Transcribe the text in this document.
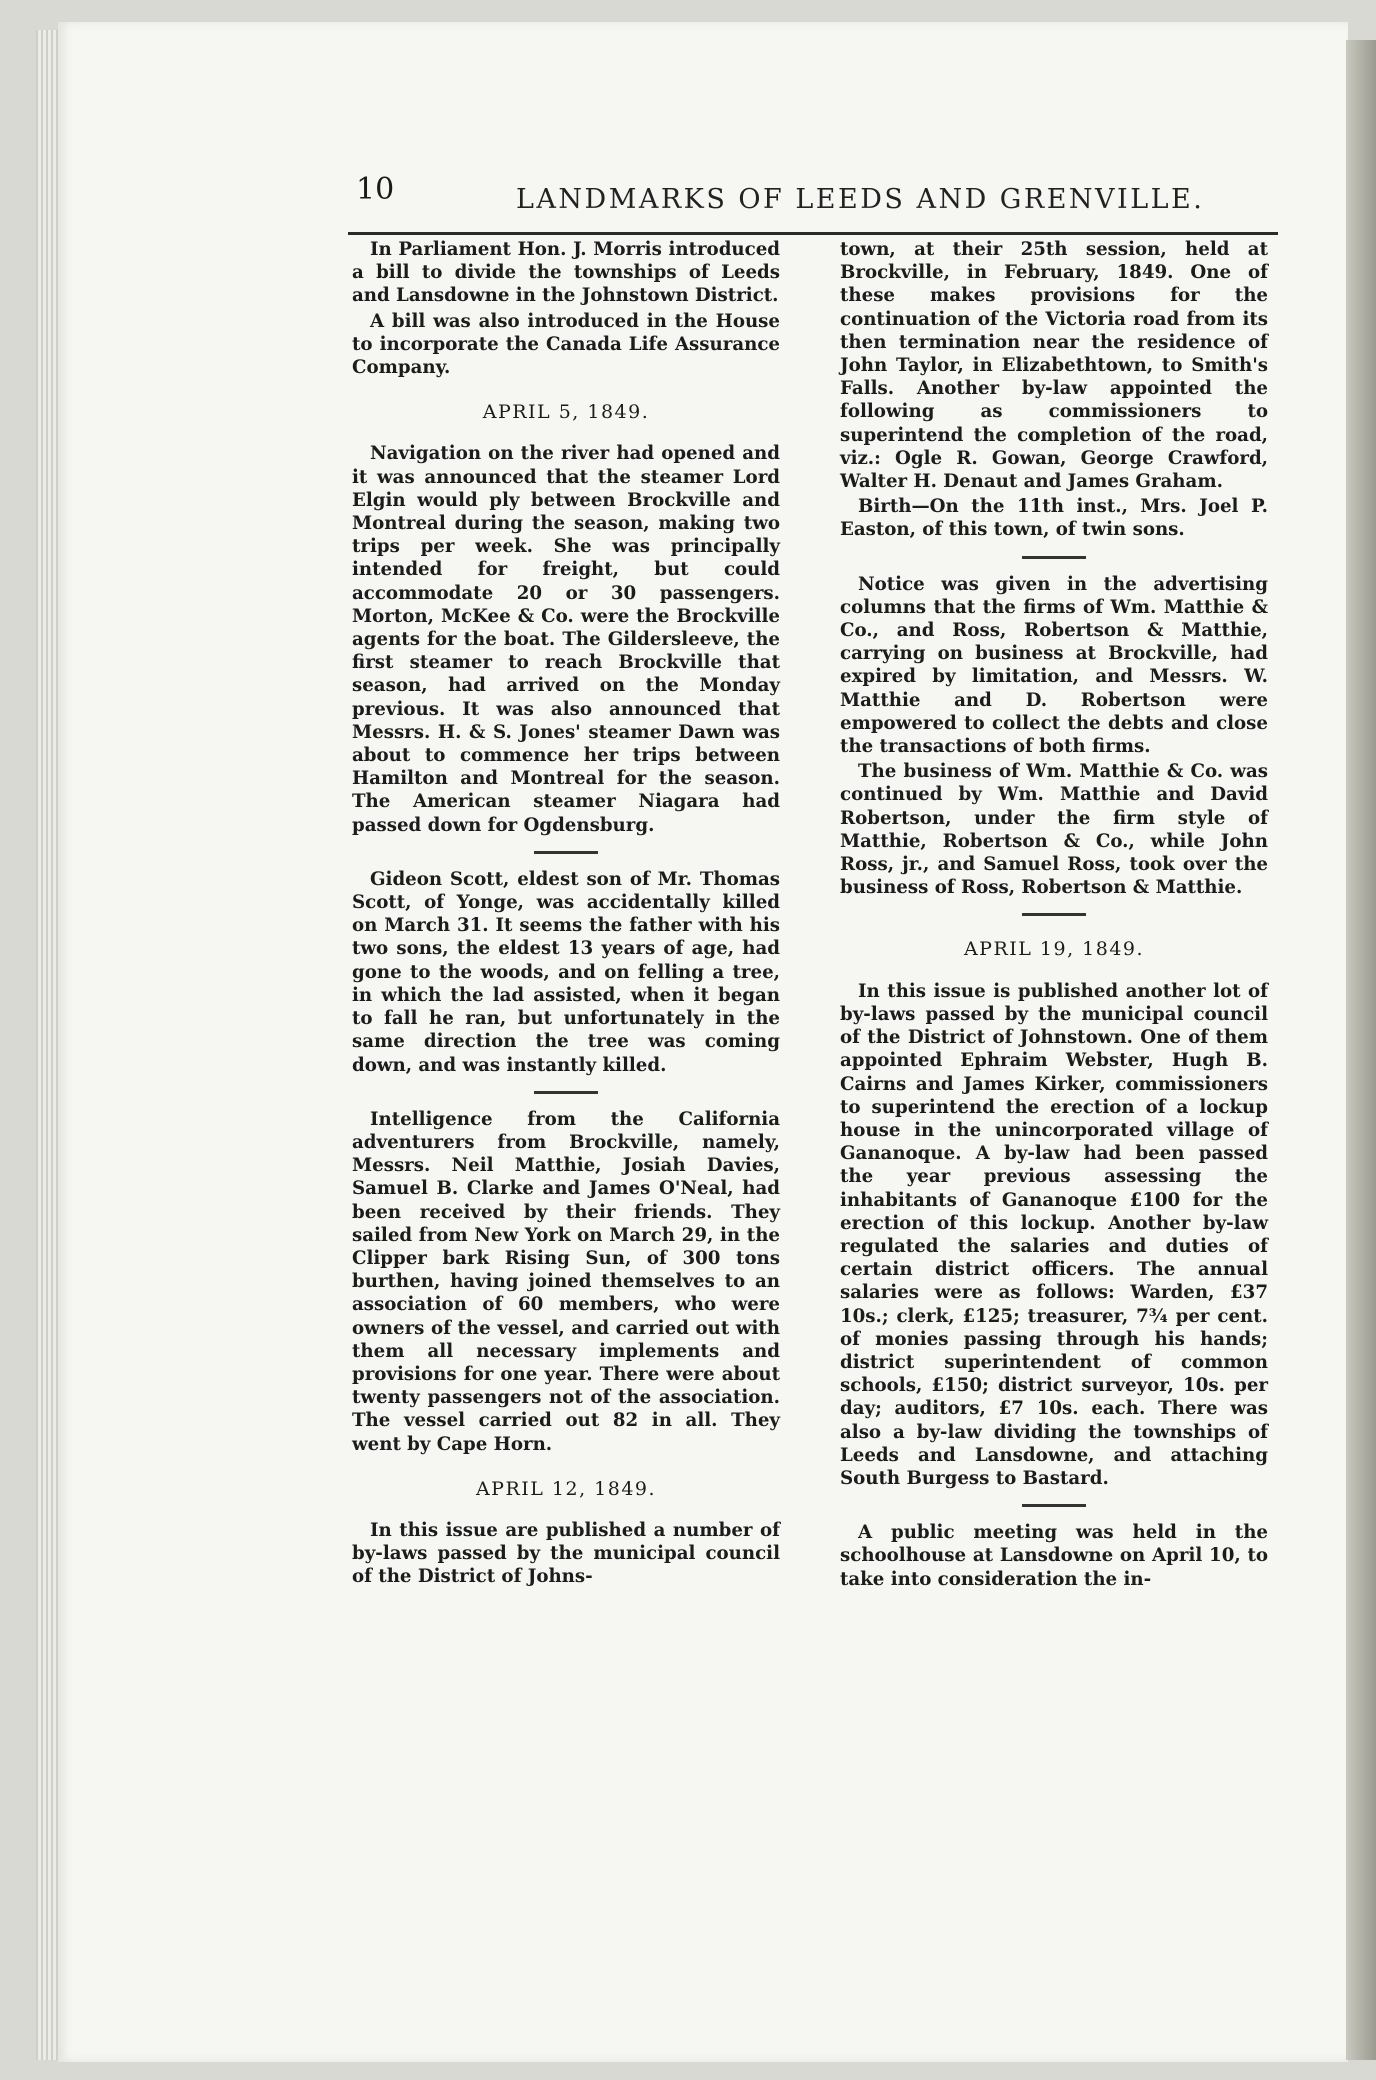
10	LANDMARKS OF LEEDS AND GRENVILLE.

In Parliament Hon. J. Morris introduced a bill to divide the townships of Leeds and Lansdowne in the Johnstown District.

A bill was also introduced in the House to incorporate the Canada Life Assurance Company.

APRIL 5, 1849.

Navigation on the river had opened and it was announced that the steamer Lord Elgin would ply between Brockville and Montreal during the season, making two trips per week. She was principally intended for freight, but could accommodate 20 or 30 passengers. Morton, McKee & Co. were the Brockville agents for the boat. The Gildersleeve, the first steamer to reach Brockville that season, had arrived on the Monday previous. It was also announced that Messrs. H. & S. Jones' steamer Dawn was about to commence her trips between Hamilton and Montreal for the season. The American steamer Niagara had passed down for Ogdensburg.

Gideon Scott, eldest son of Mr. Thomas Scott, of Yonge, was accidentally killed on March 31. It seems the father with his two sons, the eldest 13 years of age, had gone to the woods, and on felling a tree, in which the lad assisted, when it began to fall he ran, but unfortunately in the same direction the tree was coming down, and was instantly killed.

Intelligence from the California adventurers from Brockville, namely, Messrs. Neil Matthie, Josiah Davies, Samuel B. Clarke and James O'Neal, had been received by their friends. They sailed from New York on March 29, in the Clipper bark Rising Sun, of 300 tons burthen, having joined themselves to an association of 60 members, who were owners of the vessel, and carried out with them all necessary implements and provisions for one year. There were about twenty passengers not of the association. The vessel carried out 82 in all. They went by Cape Horn.

APRIL 12, 1849.

In this issue are published a number of by-laws passed by the municipal council of the District of Johns-

town, at their 25th session, held at Brockville, in February, 1849. One of these makes provisions for the continuation of the Victoria road from its then termination near the residence of John Taylor, in Elizabethtown, to Smith's Falls. Another by-law appointed the following as commissioners to superintend the completion of the road, viz.: Ogle R. Gowan, George Crawford, Walter H. Denaut and James Graham.

Birth—On the 11th inst., Mrs. Joel P. Easton, of this town, of twin sons.

Notice was given in the advertising columns that the firms of Wm. Matthie & Co., and Ross, Robertson & Matthie, carrying on business at Brockville, had expired by limitation, and Messrs. W. Matthie and D. Robertson were empowered to collect the debts and close the transactions of both firms.

The business of Wm. Matthie & Co. was continued by Wm. Matthie and David Robertson, under the firm style of Matthie, Robertson & Co., while John Ross, jr., and Samuel Ross, took over the business of Ross, Robertson & Matthie.

APRIL 19, 1849.

In this issue is published another lot of by-laws passed by the municipal council of the District of Johnstown. One of them appointed Ephraim Webster, Hugh B. Cairns and James Kirker, commissioners to superintend the erection of a lockup house in the unincorporated village of Gananoque. A by-law had been passed the year previous assessing the inhabitants of Gananoque £100 for the erection of this lockup. Another by-law regulated the salaries and duties of certain district officers. The annual salaries were as follows: Warden, £37 10s.; clerk, £125; treasurer, 7¾ per cent. of monies passing through his hands; district superintendent of common schools, £150; district surveyor, 10s. per day; auditors, £7 10s. each. There was also a by-law dividing the townships of Leeds and Lansdowne, and attaching South Burgess to Bastard.

A public meeting was held in the schoolhouse at Lansdowne on April 10, to take into consideration the in-
